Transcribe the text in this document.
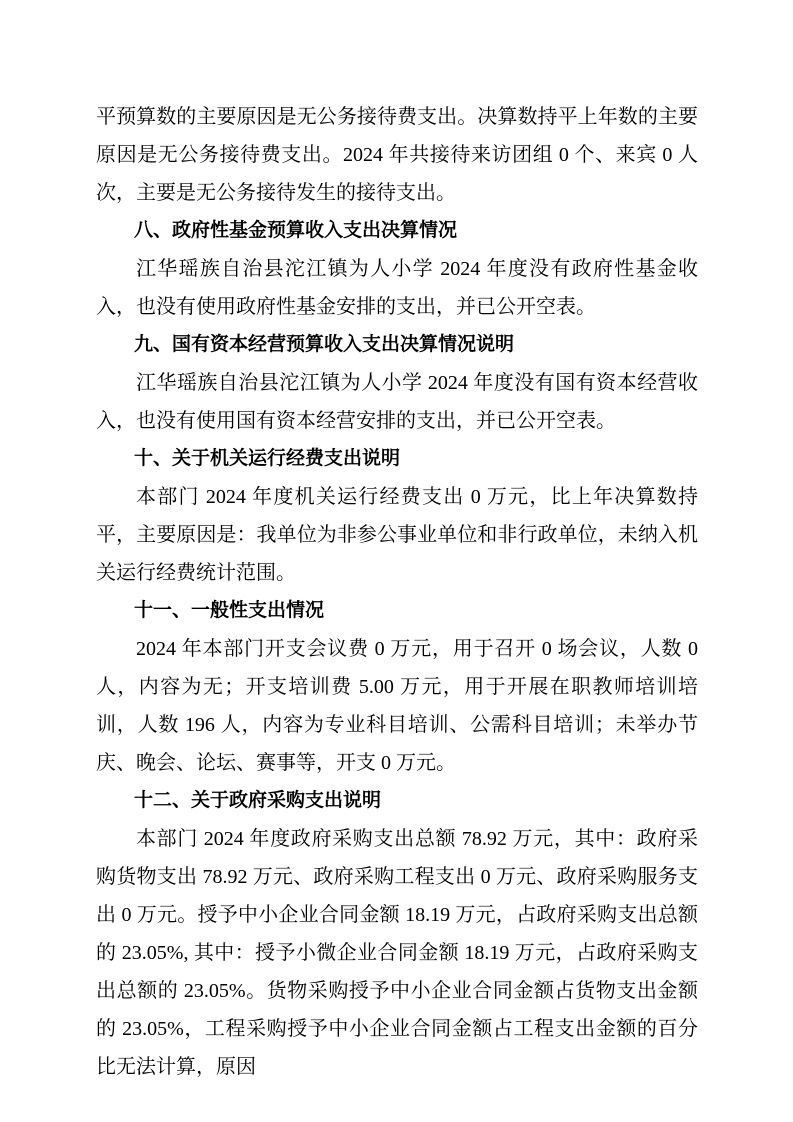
平预算数的主要原因是无公务接待费支出。决算数持平上年数的主要原因是无公务接待费支出。2024 年共接待来访团组 0 个、来宾 0 人次，主要是无公务接待发生的接待支出。

八、政府性基金预算收入支出决算情况

江华瑶族自治县沱江镇为人小学 2024 年度没有政府性基金收入，也没有使用政府性基金安排的支出，并已公开空表。

九、国有资本经营预算收入支出决算情况说明

江华瑶族自治县沱江镇为人小学 2024 年度没有国有资本经营收入，也没有使用国有资本经营安排的支出，并已公开空表。

十、关于机关运行经费支出说明

本部门 2024 年度机关运行经费支出 0 万元，比上年决算数持平，主要原因是：我单位为非参公事业单位和非行政单位，未纳入机关运行经费统计范围。

十一、一般性支出情况

2024 年本部门开支会议费 0 万元，用于召开 0 场会议，人数 0 人，内容为无；开支培训费 5.00 万元，用于开展在职教师培训培训，人数 196 人，内容为专业科目培训、公需科目培训；未举办节庆、晚会、论坛、赛事等，开支 0 万元。

十二、关于政府采购支出说明

本部门 2024 年度政府采购支出总额 78.92 万元，其中：政府采购货物支出 78.92 万元、政府采购工程支出 0 万元、政府采购服务支出 0 万元。授予中小企业合同金额 18.19 万元，占政府采购支出总额的 23.05%, 其中：授予小微企业合同金额 18.19 万元，占政府采购支出总额的 23.05%。货物采购授予中小企业合同金额占货物支出金额的 23.05%，工程采购授予中小企业合同金额占工程支出金额的百分比无法计算，原因
